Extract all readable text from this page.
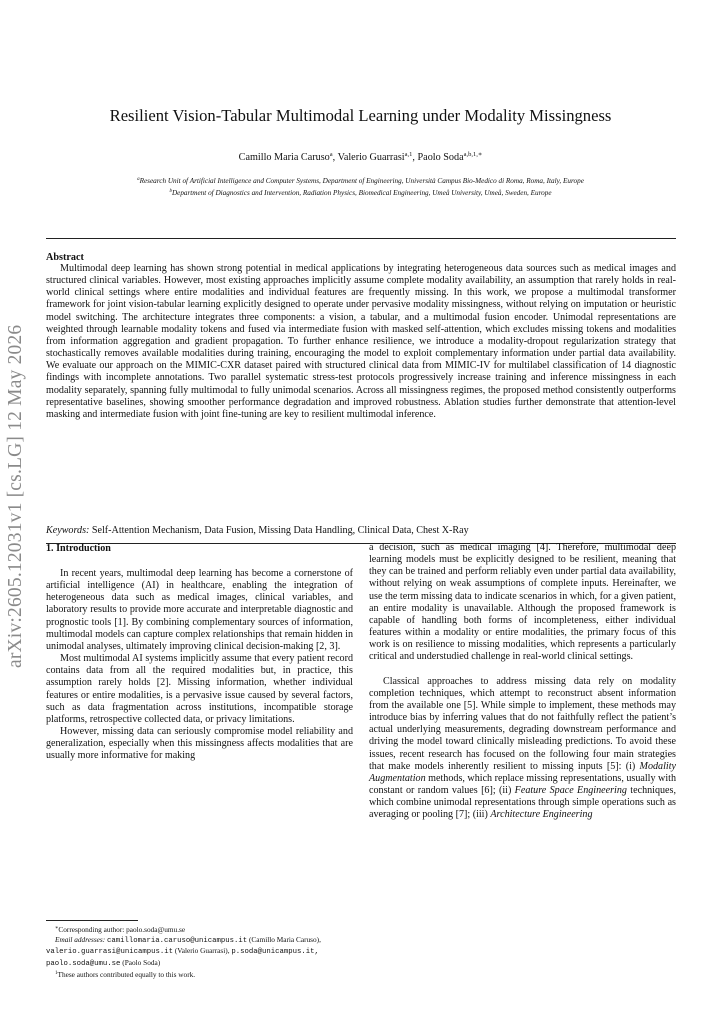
arXiv:2605.12031v1 [cs.LG] 12 May 2026
Resilient Vision-Tabular Multimodal Learning under Modality Missingness
Camillo Maria Caruso$^a$, Valerio Guarrasi$^{a,1}$, Paolo Soda$^{a,b,1,∗}$
$^a$Research Unit of Artificial Intelligence and Computer Systems, Department of Engineering, Università Campus Bio-Medico di Roma, Roma, Italy, Europe
$^b$Department of Diagnostics and Intervention, Radiation Physics, Biomedical Engineering, Umeå University, Umeå, Sweden, Europe
Abstract
Multimodal deep learning has shown strong potential in medical applications by integrating heterogeneous data sources such as medical images and structured clinical variables. However, most existing approaches implicitly assume complete modality availability, an assumption that rarely holds in real-world clinical settings where entire modalities and individual features are frequently missing. In this work, we propose a multimodal transformer framework for joint vision-tabular learning explicitly designed to operate under pervasive modality missingness, without relying on imputation or heuristic model switching. The architecture integrates three components: a vision, a tabular, and a multimodal fusion encoder. Unimodal representations are weighted through learnable modality tokens and fused via intermediate fusion with masked self-attention, which excludes missing tokens and modalities from information aggregation and gradient propagation. To further enhance resilience, we introduce a modality-dropout regularization strategy that stochastically removes available modalities during training, encouraging the model to exploit complementary information under partial data availability. We evaluate our approach on the MIMIC-CXR dataset paired with structured clinical data from MIMIC-IV for multilabel classification of 14 diagnostic findings with incomplete annotations. Two parallel systematic stress-test protocols progressively increase training and inference missingness in each modality separately, spanning fully multimodal to fully unimodal scenarios. Across all missingness regimes, the proposed method consistently outperforms representative baselines, showing smoother performance degradation and improved robustness. Ablation studies further demonstrate that attention-level masking and intermediate fusion with joint fine-tuning are key to resilient multimodal inference.
Keywords: Self-Attention Mechanism, Data Fusion, Missing Data Handling, Clinical Data, Chest X-Ray
1. Introduction

In recent years, multimodal deep learning has become a cornerstone of artificial intelligence (AI) in healthcare, enabling the integration of heterogeneous data such as medical images, clinical variables, and laboratory results to provide more accurate and interpretable diagnostic and prognostic tools [1]. By combining complementary sources of information, multimodal models can capture complex relationships that remain hidden in unimodal analyses, ultimately improving clinical decision-making [2, 3].

Most multimodal AI systems implicitly assume that every patient record contains data from all the required modalities but, in practice, this assumption rarely holds [2]. Missing information, whether individual features or entire modalities, is a pervasive issue caused by several factors, such as data fragmentation across institutions, incompatible storage platforms, retrospective collected data, or privacy limitations.

However, missing data can seriously compromise model reliability and generalization, especially when this missingness affects modalities that are usually more informative for making

a decision, such as medical imaging [4]. Therefore, multimodal deep learning models must be explicitly designed to be resilient, meaning that they can be trained and perform reliably even under partial data availability, without relying on weak assumptions of complete inputs. Hereinafter, we use the term missing data to indicate scenarios in which, for a given patient, an entire modality is unavailable. Although the proposed framework is capable of handling both forms of incompleteness, either individual features within a modality or entire modalities, the primary focus of this work is on resilience to missing modalities, which represents a particularly critical and understudied challenge in real-world clinical settings.

Classical approaches to address missing data rely on modality completion techniques, which attempt to reconstruct absent information from the available one [5]. While simple to implement, these methods may introduce bias by inferring values that do not faithfully reflect the patient’s actual underlying measurements, degrading downstream performance and driving the model toward clinically misleading predictions. To avoid these issues, recent research has focused on the following four main strategies that make models inherently resilient to missing inputs [5]: (i) Modality Augmentation methods, which replace missing representations, usually with constant or random values [6]; (ii) Feature Space Engineering techniques, which combine unimodal representations through simple operations such as averaging or pooling [7]; (iii) Architecture Engineering

∗Corresponding author: paolo.soda@umu.se
Email addresses: camillomaria.caruso@unicampus.it (Camillo Maria Caruso), valerio.guarrasi@unicampus.it (Valerio Guarrasi), p.soda@unicampus.it, paolo.soda@umu.se (Paolo Soda)
$^1$These authors contributed equally to this work.
